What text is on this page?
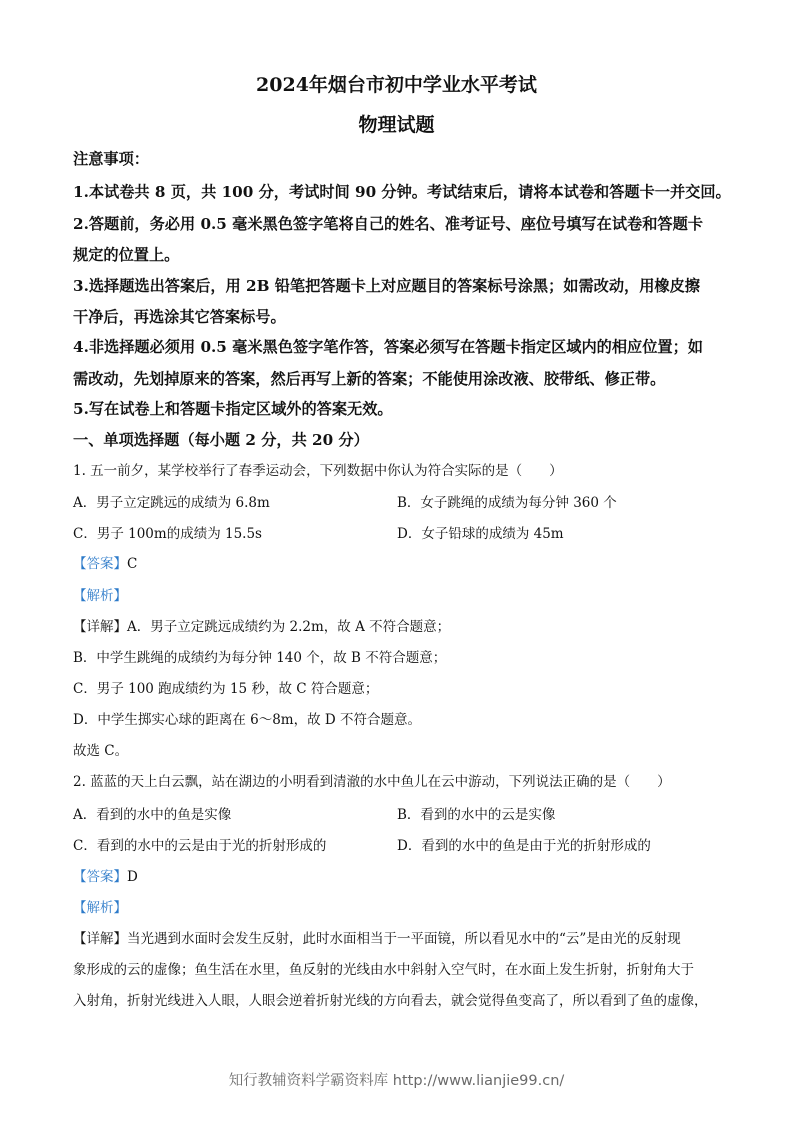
2024年烟台市初中学业水平考试
物理试题
注意事项：
1.本试卷共 8 页，共 100 分，考试时间 90 分钟。考试结束后，请将本试卷和答题卡一并交回。
2.答题前，务必用 0.5 毫米黑色签字笔将自己的姓名、准考证号、座位号填写在试卷和答题卡
规定的位置上。
3.选择题选出答案后，用 2B 铅笔把答题卡上对应题目的答案标号涂黑；如需改动，用橡皮擦
干净后，再选涂其它答案标号。
4.非选择题必须用 0.5 毫米黑色签字笔作答，答案必须写在答题卡指定区域内的相应位置；如
需改动，先划掉原来的答案，然后再写上新的答案；不能使用涂改液、胶带纸、修正带。
5.写在试卷上和答题卡指定区域外的答案无效。
一、单项选择题（每小题 2 分，共 20 分）
1. 五一前夕，某学校举行了春季运动会，下列数据中你认为符合实际的是（　　）
A．男子立定跳远的成绩为 6.8m	B．女子跳绳的成绩为每分钟 360 个
C．男子 100m的成绩为 15.5s	D．女子铅球的成绩为 45m
【答案】C
【解析】
【详解】A．男子立定跳远成绩约为 2.2m，故 A 不符合题意；
B．中学生跳绳的成绩约为每分钟 140 个，故 B 不符合题意；
C．男子 100 跑成绩约为 15 秒，故 C 符合题意；
D．中学生掷实心球的距离在 6～8m，故 D 不符合题意。
故选 C。
2. 蓝蓝的天上白云飘，站在湖边的小明看到清澈的水中鱼儿在云中游动，下列说法正确的是（　　）
A．看到的水中的鱼是实像	B．看到的水中的云是实像
C．看到的水中的云是由于光的折射形成的	D．看到的水中的鱼是由于光的折射形成的
【答案】D
【解析】
【详解】当光遇到水面时会发生反射，此时水面相当于一平面镜，所以看见水中的“云”是由光的反射现
象形成的云的虚像；鱼生活在水里，鱼反射的光线由水中斜射入空气时，在水面上发生折射，折射角大于
入射角，折射光线进入人眼，人眼会逆着折射光线的方向看去，就会觉得鱼变高了，所以看到了鱼的虚像，
知行教辅资料学霸资料库 http://www.lianjie99.cn/
